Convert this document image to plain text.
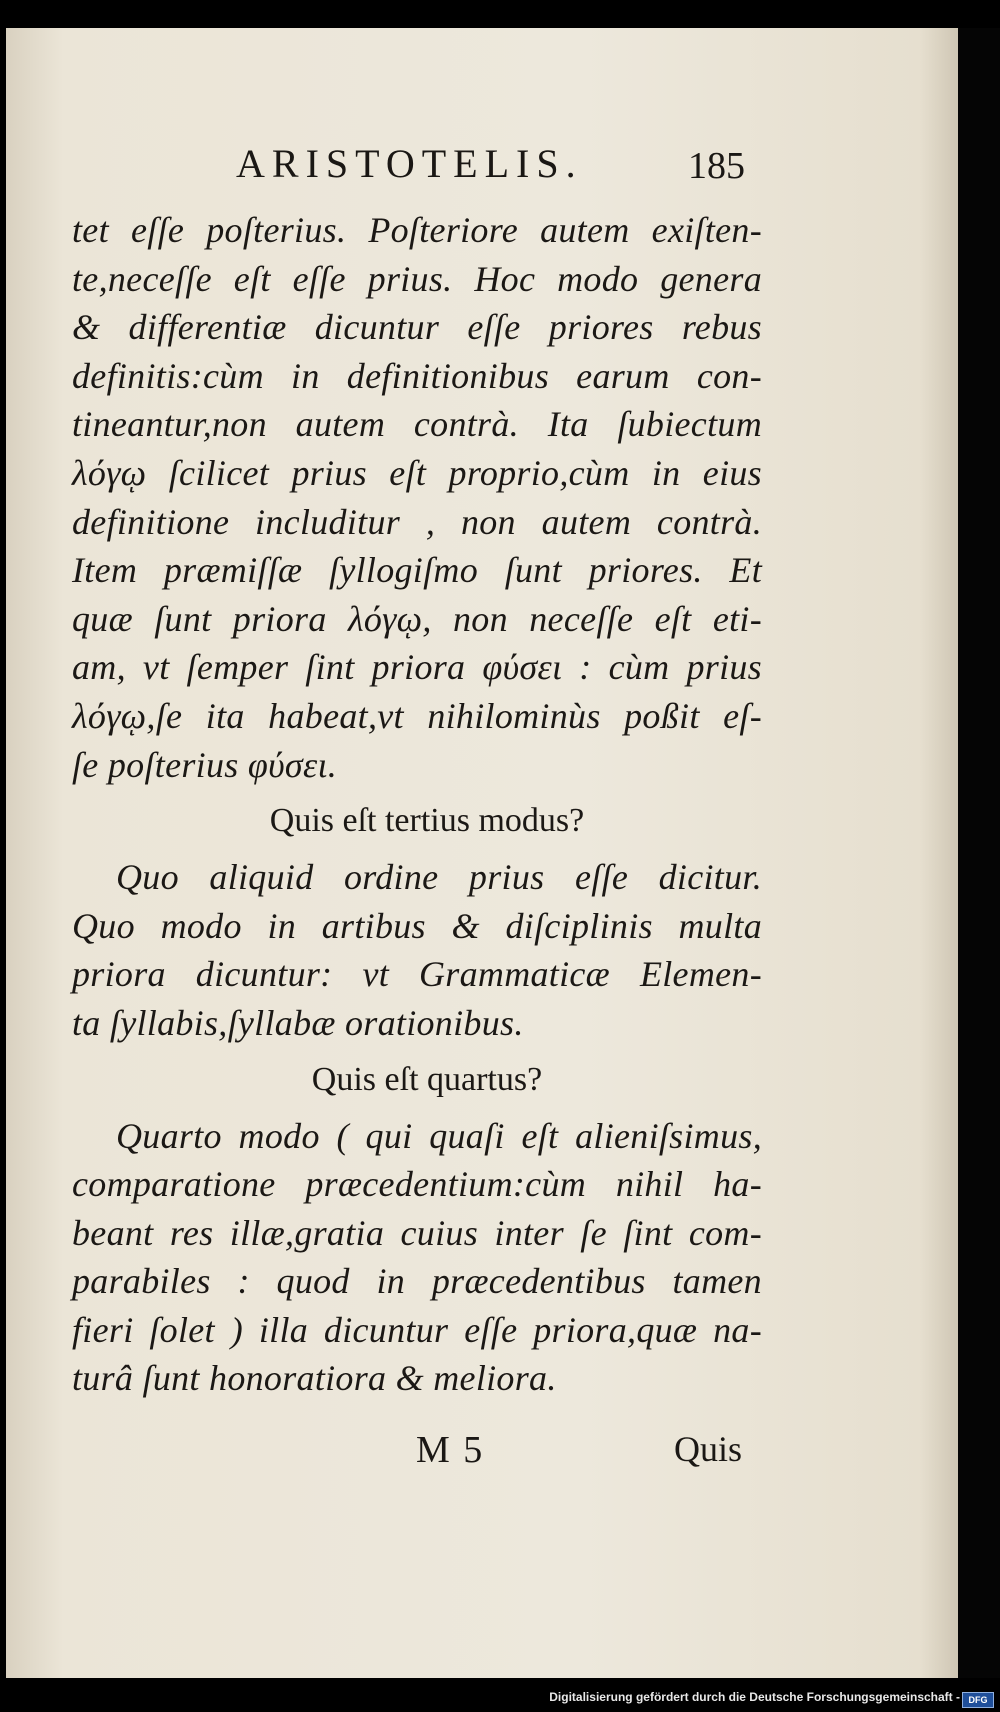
ARISTOTELIS.	185
tet eſſe poſterius. Poſteriore autem exiſten-
te,neceſſe eſt eſſe prius. Hoc modo genera
& differentiæ dicuntur eſſe priores rebus
definitis:cùm in definitionibus earum con-
tineantur,non autem contrà. Ita ſubiectum
λόγῳ ſcilicet prius eſt proprio,cùm in eius
definitione includitur , non autem contrà.
Item præmiſſæ ſyllogiſmo ſunt priores. Et
quæ ſunt priora λόγῳ, non neceſſe eſt eti-
am, vt ſemper ſint priora φύσει : cùm prius
λόγῳ,ſe ita habeat,vt nihilominùs poßit eſ-
ſe poſterius φύσει.
Quis eſt tertius modus?
Quo aliquid ordine prius eſſe dicitur.
Quo modo in artibus & diſciplinis multa
priora dicuntur: vt Grammaticæ Elemen-
ta ſyllabis,ſyllabæ orationibus.
Quis eſt quartus?
Quarto modo ( qui quaſi eſt alieniſsimus,
comparatione præcedentium:cùm nihil ha-
beant res illæ,gratia cuius inter ſe ſint com-
parabiles : quod in præcedentibus tamen
fieri ſolet ) illa dicuntur eſſe priora,quæ na-
turâ ſunt honoratiora & meliora.
M 5	Quis
Digitalisierung gefördert durch die Deutsche Forschungsgemeinschaft - DFG
